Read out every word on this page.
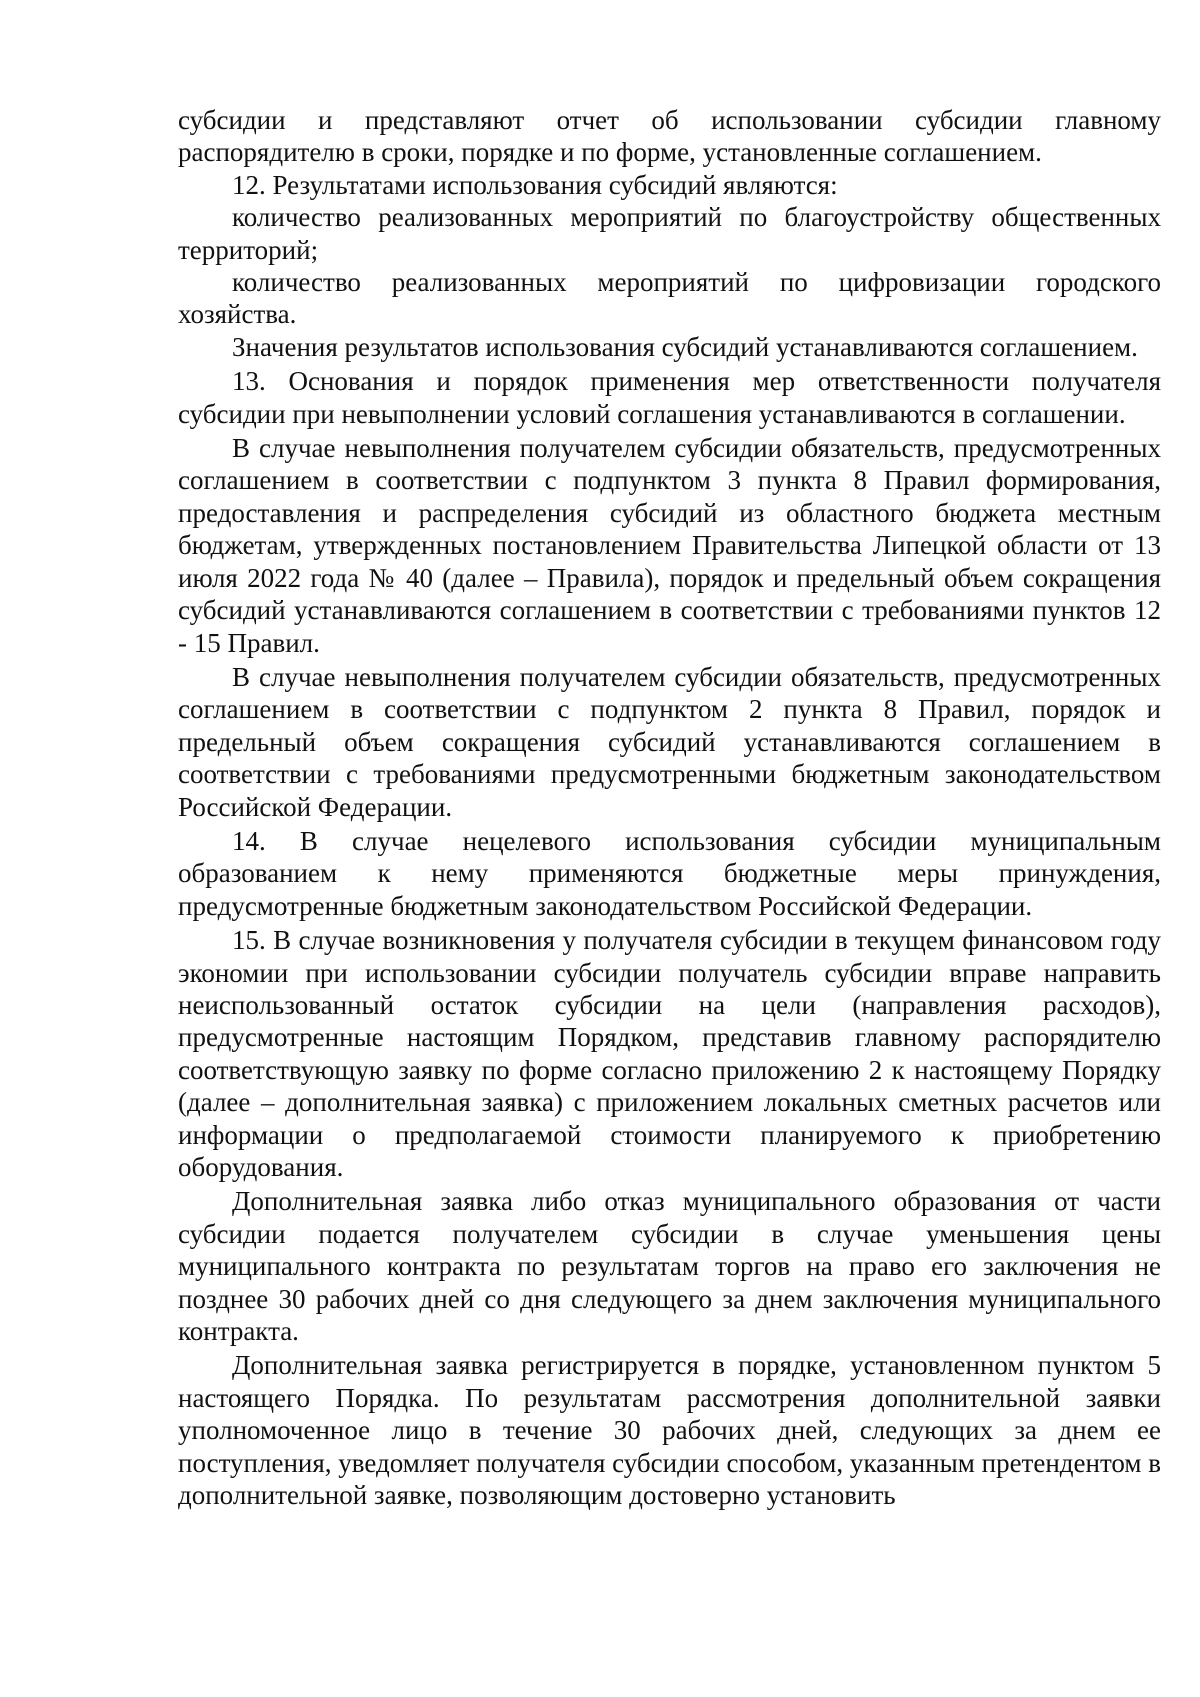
субсидии и представляют отчет об использовании субсидии главному распорядителю в сроки, порядке и по форме, установленные соглашением.

12. Результатами использования субсидий являются:

количество реализованных мероприятий по благоустройству общественных территорий;

количество реализованных мероприятий по цифровизации городского хозяйства.

Значения результатов использования субсидий устанавливаются соглашением.

13. Основания и порядок применения мер ответственности получателя субсидии при невыполнении условий соглашения устанавливаются в соглашении.

В случае невыполнения получателем субсидии обязательств, предусмотренных соглашением в соответствии с подпунктом 3 пункта 8 Правил формирования, предоставления и распределения субсидий из областного бюджета местным бюджетам, утвержденных постановлением Правительства Липецкой области от 13 июля 2022 года № 40 (далее – Правила), порядок и предельный объем сокращения субсидий устанавливаются соглашением в соответствии с требованиями пунктов 12 - 15 Правил.

В случае невыполнения получателем субсидии обязательств, предусмотренных соглашением в соответствии с подпунктом 2 пункта 8 Правил, порядок и предельный объем сокращения субсидий устанавливаются соглашением в соответствии с требованиями предусмотренными бюджетным законодательством Российской Федерации.

14. В случае нецелевого использования субсидии муниципальным образованием к нему применяются бюджетные меры принуждения, предусмотренные бюджетным законодательством Российской Федерации.

15. В случае возникновения у получателя субсидии в текущем финансовом году экономии при использовании субсидии получатель субсидии вправе направить неиспользованный остаток субсидии на цели (направления расходов), предусмотренные настоящим Порядком, представив главному распорядителю соответствующую заявку по форме согласно приложению 2 к настоящему Порядку (далее – дополнительная заявка) с приложением локальных сметных расчетов или информации о предполагаемой стоимости планируемого к приобретению оборудования.

Дополнительная заявка либо отказ муниципального образования от части субсидии подается получателем субсидии в случае уменьшения цены муниципального контракта по результатам торгов на право его заключения не позднее 30 рабочих дней со дня следующего за днем заключения муниципального контракта.

Дополнительная заявка регистрируется в порядке, установленном пунктом 5 настоящего Порядка. По результатам рассмотрения дополнительной заявки уполномоченное лицо в течение 30 рабочих дней, следующих за днем ее поступления, уведомляет получателя субсидии способом, указанным претендентом в дополнительной заявке, позволяющим достоверно установить
